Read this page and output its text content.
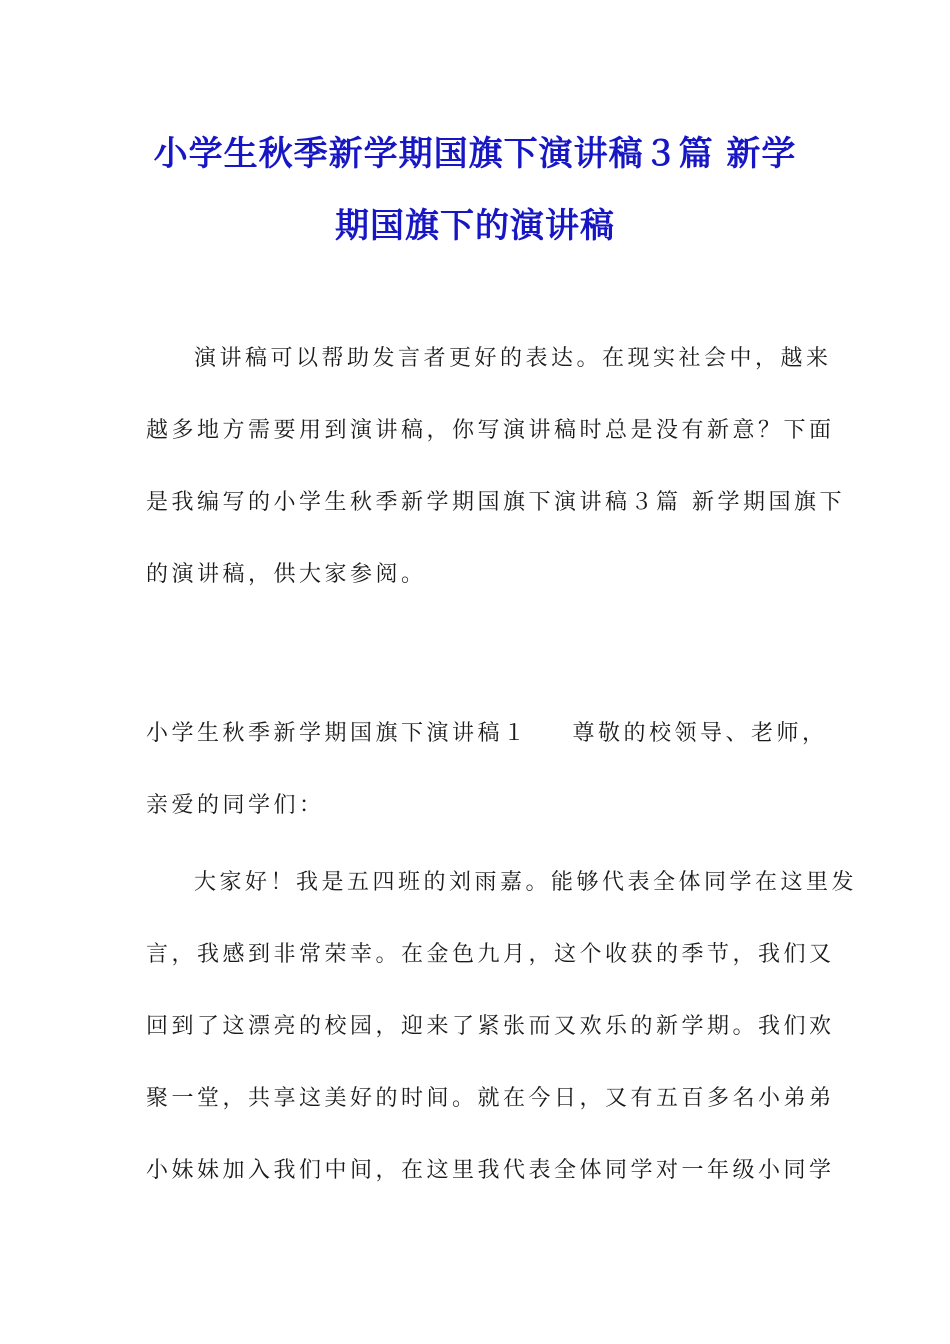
小学生秋季新学期国旗下演讲稿３篇 新学
期国旗下的演讲稿

演讲稿可以帮助发言者更好的表达。在现实社会中，越来
越多地方需要用到演讲稿，你写演讲稿时总是没有新意？下面
是我编写的小学生秋季新学期国旗下演讲稿３篇 新学期国旗下
的演讲稿，供大家参阅。

小学生秋季新学期国旗下演讲稿１ 尊敬的校领导、老师，
亲爱的同学们：

大家好！我是五四班的刘雨嘉。能够代表全体同学在这里发
言，我感到非常荣幸。在金色九月，这个收获的季节，我们又
回到了这漂亮的校园，迎来了紧张而又欢乐的新学期。我们欢
聚一堂，共享这美好的时间。就在今日，又有五百多名小弟弟
小妹妹加入我们中间，在这里我代表全体同学对一年级小同学
